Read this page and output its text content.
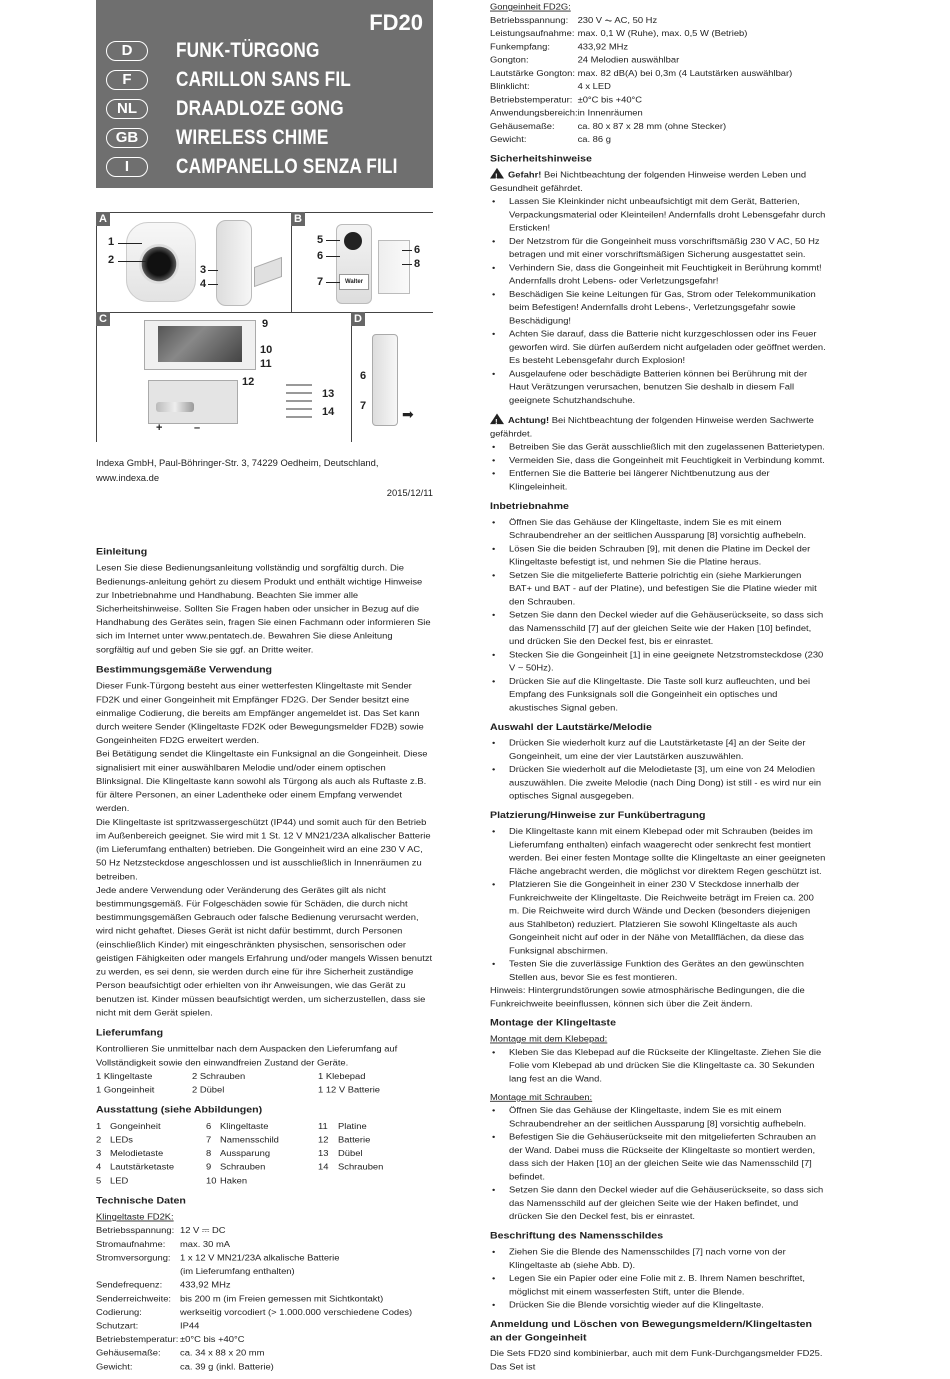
FD20
D
F
NL
GB
I
FUNK-TÜRGONG
CARILLON SANS FIL
DRAADLOZE GONG
WIRELESS CHIME
CAMPANELLO SENZA FILI
A
1
2
3
4
B
Walter
5
6
7
6
8
C
+	–
9
10
11
12
13
14
D
6
7	➡
Indexa GmbH, Paul-Böhringer-Str. 3, 74229 Oedheim, Deutschland, www.indexa.de
2015/12/11
Einleitung

Lesen Sie diese Bedienungsanleitung vollständig und sorgfältig durch. Die Bedienungs-anleitung gehört zu diesem Produkt und enthält wichtige Hinweise zur Inbetriebnahme und Handhabung. Beachten Sie immer alle Sicherheitshinweise. Sollten Sie Fragen haben oder unsicher in Bezug auf die Handhabung des Gerätes sein, fragen Sie einen Fachmann oder informieren Sie sich im Internet unter www.pentatech.de. Bewahren Sie diese Anleitung sorgfältig auf und geben Sie sie ggf. an Dritte weiter.

Bestimmungsgemäße Verwendung

Dieser Funk-Türgong besteht aus einer wetterfesten Klingeltaste mit Sender FD2K und einer Gongeinheit mit Empfänger FD2G. Der Sender besitzt eine einmalige Codierung, die bereits am Empfänger angemeldet ist. Das Set kann durch weitere Sender (Klingeltaste FD2K oder Bewegungsmelder FD2B) sowie Gongeinheiten FD2G erweitert werden.

Bei Betätigung sendet die Klingeltaste ein Funksignal an die Gongeinheit. Diese signalisiert mit einer auswählbaren Melodie und/oder einem optischen Blinksignal. Die Klingeltaste kann sowohl als Türgong als auch als Ruftaste z.B. für ältere Personen, an einer Ladentheke oder einem Empfang verwendet werden.

Die Klingeltaste ist spritzwassergeschützt (IP44) und somit auch für den Betrieb im Außenbereich geeignet. Sie wird mit 1 St. 12 V MN21/23A alkalischer Batterie (im Lieferumfang enthalten) betrieben. Die Gongeinheit wird an eine 230 V AC, 50 Hz Netzsteckdose angeschlossen und ist ausschließlich in Innenräumen zu betreiben.

Jede andere Verwendung oder Veränderung des Gerätes gilt als nicht bestimmungsgemäß. Für Folgeschäden sowie für Schäden, die durch nicht bestimmungsgemäßen Gebrauch oder falsche Bedienung verursacht werden, wird nicht gehaftet. Dieses Gerät ist nicht dafür bestimmt, durch Personen (einschließlich Kinder) mit eingeschränkten physischen, sensorischen oder geistigen Fähigkeiten oder mangels Erfahrung und/oder mangels Wissen benutzt zu werden, es sei denn, sie werden durch eine für ihre Sicherheit zuständige Person beaufsichtigt oder erhielten von ihr Anweisungen, wie das Gerät zu benutzen ist. Kinder müssen beaufsichtigt werden, um sicherzustellen, dass sie nicht mit dem Gerät spielen.

Lieferumfang

Kontrollieren Sie unmittelbar nach dem Auspacken den Lieferumfang auf Vollständigkeit sowie den einwandfreien Zustand der Geräte.

1 Klingeltaste	2 Schrauben	1 Klebepad
1 Gongeinheit	2 Dübel	1 12 V Batterie
Ausstattung (siehe Abbildungen)
1	Gongeinheit	6	Klingeltaste	11	Platine
2	LEDs	7	Namensschild	12	Batterie
3	Melodietaste	8	Aussparung	13	Dübel
4	Lautstärketaste	9	Schrauben	14	Schrauben
5	LED	10	Haken		
Technische Daten
Klingeltaste FD2K:
Betriebsspannung:	12 V ⎓ DC
Stromaufnahme:	max. 30 mA
Stromversorgung:	1 x 12 V MN21/23A alkalische Batterie
	(im Lieferumfang enthalten)
Sendefrequenz:	433,92 MHz
Senderreichweite:	bis 200 m (im Freien gemessen mit Sichtkontakt)
Codierung:	werkseitig vorcodiert (> 1.000.000 verschiedene Codes)
Schutzart:	IP44
Betriebstemperatur:	±0°C bis +40°C
Gehäusemaße:	ca. 34 x 88 x 20 mm
Gewicht:	ca. 39 g (inkl. Batterie)
Gongeinheit FD2G:
Betriebsspannung:	230 V ⏦ AC, 50 Hz
Leistungsaufnahme:	max. 0,1 W (Ruhe), max. 0,5 W (Betrieb)
Funkempfang:	433,92 MHz
Gongton:	24 Melodien auswählbar
Lautstärke Gongton:	max. 82 dB(A) bei 0,3m (4 Lautstärken auswählbar)
Blinklicht:	4 x LED
Betriebstemperatur:	±0°C bis +40°C
Anwendungsbereich:	in Innenräumen
Gehäusemaße:	ca. 80 x 87 x 28 mm (ohne Stecker)
Gewicht:	ca. 86 g
Sicherheitshinweise

!Gefahr! Bei Nichtbeachtung der folgenden Hinweise werden Leben und Gesundheit gefährdet.

• Lassen Sie Kleinkinder nicht unbeaufsichtigt mit dem Gerät, Batterien, Verpackungsmaterial oder Kleinteilen! Andernfalls droht Lebensgefahr durch Ersticken!
• Der Netzstrom für die Gongeinheit muss vorschriftsmäßig 230 V AC, 50 Hz betragen und mit einer vorschriftsmäßigen Sicherung ausgestattet sein.
• Verhindern Sie, dass die Gongeinheit mit Feuchtigkeit in Berührung kommt! Andernfalls droht Lebens- oder Verletzungsgefahr!
• Beschädigen Sie keine Leitungen für Gas, Strom oder Telekommunikation beim Befestigen! Andernfalls droht Lebens-, Verletzungsgefahr sowie Beschädigung!
• Achten Sie darauf, dass die Batterie nicht kurzgeschlossen oder ins Feuer geworfen wird. Sie dürfen außerdem nicht aufgeladen oder geöffnet werden. Es besteht Lebensgefahr durch Explosion!
• Ausgelaufene oder beschädigte Batterien können bei Berührung mit der Haut Verätzungen verursachen, benutzen Sie deshalb in diesem Fall geeignete Schutzhandschuhe.

!Achtung! Bei Nichtbeachtung der folgenden Hinweise werden Sachwerte gefährdet.

• Betreiben Sie das Gerät ausschließlich mit den zugelassenen Batterietypen.
• Vermeiden Sie, dass die Gongeinheit mit Feuchtigkeit in Verbindung kommt.
• Entfernen Sie die Batterie bei längerer Nichtbenutzung aus der Klingeleinheit.
Inbetriebnahme
• Öffnen Sie das Gehäuse der Klingeltaste, indem Sie es mit einem Schraubendreher an der seitlichen Aussparung [8] vorsichtig aufhebeln.
• Lösen Sie die beiden Schrauben [9], mit denen die Platine im Deckel der Klingeltaste befestigt ist, und nehmen Sie die Platine heraus.
• Setzen Sie die mitgelieferte Batterie polrichtig ein (siehe Markierungen BAT+ und BAT - auf der Platine), und befestigen Sie die Platine wieder mit den Schrauben.
• Setzen Sie dann den Deckel wieder auf die Gehäuserückseite, so dass sich das Namensschild [7] auf der gleichen Seite wie der Haken [10] befindet, und drücken Sie den Deckel fest, bis er einrastet.
• Stecken Sie die Gongeinheit [1] in eine geeignete Netzstromsteckdose (230 V ~ 50Hz).
• Drücken Sie auf die Klingeltaste. Die Taste soll kurz aufleuchten, und bei Empfang des Funksignals soll die Gongeinheit ein optisches und akustisches Signal geben.
Auswahl der Lautstärke/Melodie
• Drücken Sie wiederholt kurz auf die Lautstärketaste [4] an der Seite der Gongeinheit, um eine der vier Lautstärken auszuwählen.
• Drücken Sie wiederholt auf die Melodietaste [3], um eine von 24 Melodien auszuwählen. Die zweite Melodie (nach Ding Dong) ist still - es wird nur ein optisches Signal ausgegeben.
Platzierung/Hinweise zur Funkübertragung
• Die Klingeltaste kann mit einem Klebepad oder mit Schrauben (beides im Lieferumfang enthalten) einfach waagerecht oder senkrecht fest montiert werden. Bei einer festen Montage sollte die Klingeltaste an einer geeigneten Fläche angebracht werden, die möglichst vor direktem Regen geschützt ist.
• Platzieren Sie die Gongeinheit in einer 230 V Steckdose innerhalb der Funkreichweite der Klingeltaste. Die Reichweite beträgt im Freien ca. 200 m. Die Reichweite wird durch Wände und Decken (besonders diejenigen aus Stahlbeton) reduziert. Platzieren Sie sowohl Klingeltaste als auch Gongeinheit nicht auf oder in der Nähe von Metallflächen, da diese das Funksignal abschirmen.
• Testen Sie die zuverlässige Funktion des Gerätes an den gewünschten Stellen aus, bevor Sie es fest montieren.

Hinweis: Hintergrundstörungen sowie atmosphärische Bedingungen, die die Funkreichweite beeinflussen, können sich über die Zeit ändern.

Montage der Klingeltaste
Montage mit dem Klebepad:
• Kleben Sie das Klebepad auf die Rückseite der Klingeltaste. Ziehen Sie die Folie vom Klebepad ab und drücken Sie die Klingeltaste ca. 30 Sekunden lang fest an die Wand.
Montage mit Schrauben:
• Öffnen Sie das Gehäuse der Klingeltaste, indem Sie es mit einem Schraubendreher an der seitlichen Aussparung [8] vorsichtig aufhebeln.
• Befestigen Sie die Gehäuserückseite mit den mitgelieferten Schrauben an der Wand. Dabei muss die Rückseite der Klingeltaste so montiert werden, dass sich der Haken [10] an der gleichen Seite wie das Namensschild [7] befindet.
• Setzen Sie dann den Deckel wieder auf die Gehäuserückseite, so dass sich das Namensschild auf der gleichen Seite wie der Haken befindet, und drücken Sie den Deckel fest, bis er einrastet.
Beschriftung des Namensschildes
• Ziehen Sie die Blende des Namensschildes [7] nach vorne von der Klingeltaste ab (siehe Abb. D).
• Legen Sie ein Papier oder eine Folie mit z. B. Ihrem Namen beschriftet, möglichst mit einem wasserfesten Stift, unter die Blende.
• Drücken Sie die Blende vorsichtig wieder auf die Klingeltaste.
Anmeldung und Löschen von Bewegungsmeldern/Klingeltasten an der Gongeinheit

Die Sets FD20 sind kombinierbar, auch mit dem Funk-Durchgangsmelder FD25. Das Set ist
